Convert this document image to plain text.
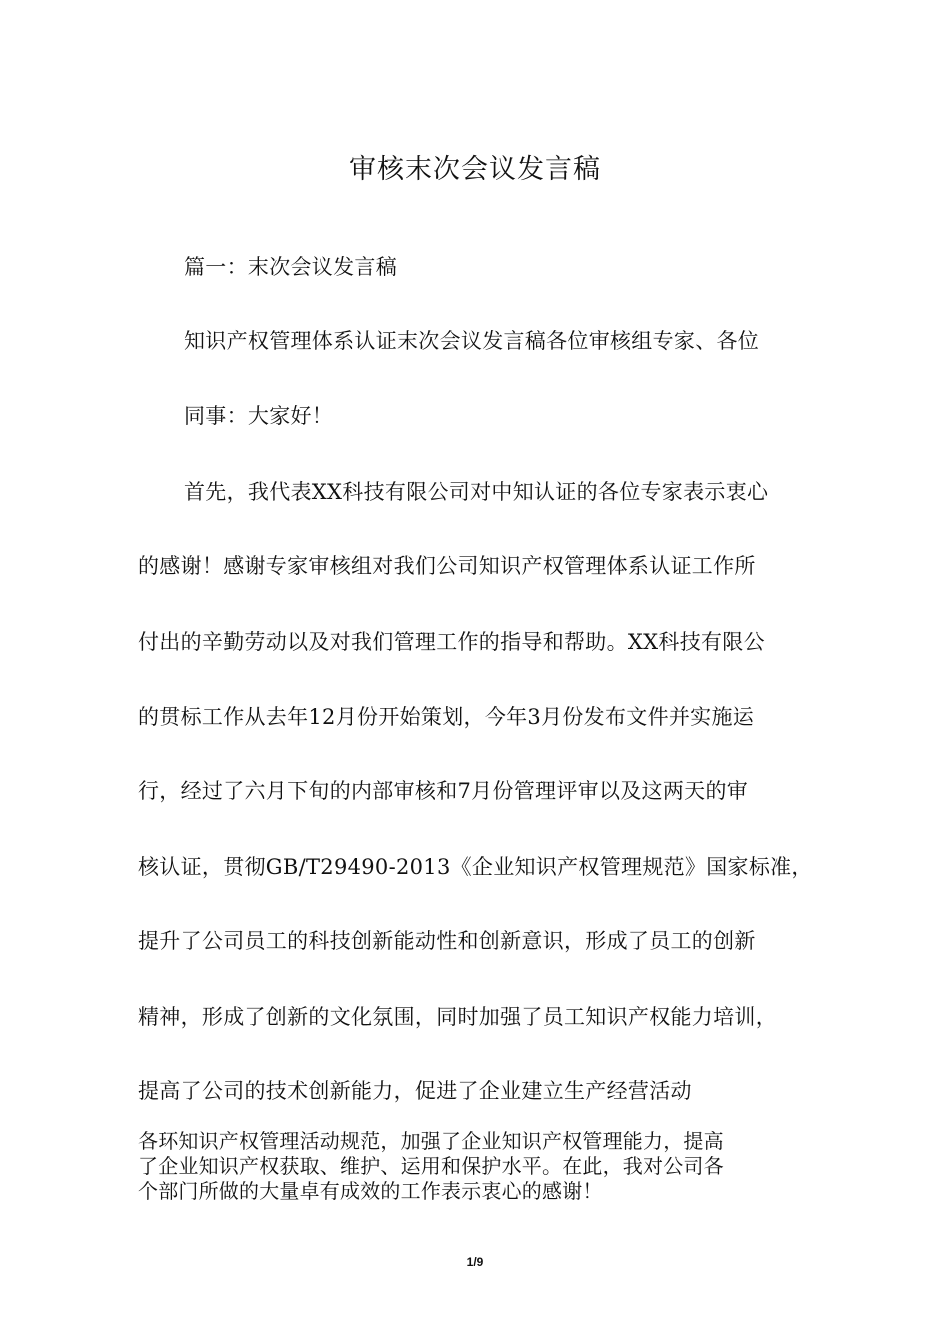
审核末次会议发言稿
篇一：末次会议发言稿
知识产权管理体系认证末次会议发言稿各位审核组专家、各位
同事：大家好！
首先，我代表XX科技有限公司对中知认证的各位专家表示衷心
的感谢！感谢专家审核组对我们公司知识产权管理体系认证工作所
付出的辛勤劳动以及对我们管理工作的指导和帮助。XX科技有限公
的贯标工作从去年12月份开始策划，今年3月份发布文件并实施运
行，经过了六月下旬的内部审核和7月份管理评审以及这两天的审
核认证，贯彻GB/T29490-2013《企业知识产权管理规范》国家标准，
提升了公司员工的科技创新能动性和创新意识，形成了员工的创新
精神，形成了创新的文化氛围，同时加强了员工知识产权能力培训，
提高了公司的技术创新能力，促进了企业建立生产经营活动
各环知识产权管理活动规范，加强了企业知识产权管理能力，提高
了企业知识产权获取、维护、运用和保护水平。在此，我对公司各
个部门所做的大量卓有成效的工作表示衷心的感谢！
1/9
